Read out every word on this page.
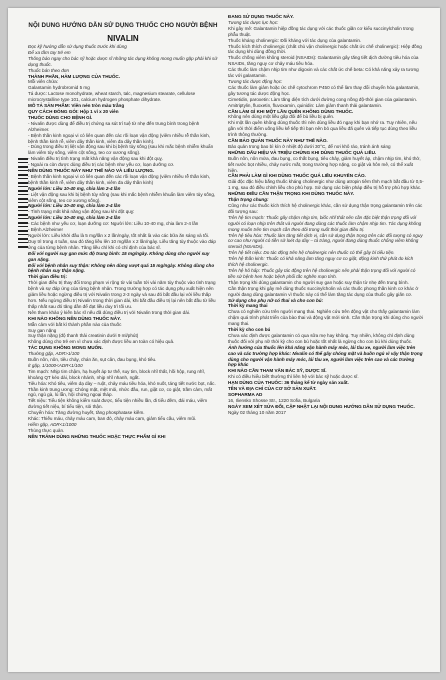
NỘI DUNG HƯỚNG DẪN SỬ DỤNG THUỐC CHO NGƯỜI BỆNH
NIVALIN

Đọc kỹ hướng dẫn sử dụng thuốc trước khi dùng

Để xa tầm tay trẻ em

Thông báo ngay cho bác sỹ hoặc dược sĩ những tác dụng không mong muốn gặp phải khi sử dụng thuốc.

Thuốc bán theo đơn

THÀNH PHẦN, HÀM LƯỢNG CỦA THUỐC.

Mỗi viên chứa:

Galantamin hydrobromid 5 mg

Tá dược: Lactose monohydrate, wheat starch, talc, magnesium stearate, cellulose microcrystalline type 101, calcium hydrogen phosphate dihydrate.

MÔ TẢ SẢN PHẨM: Viên nén tròn màu trắng

QUY CÁCH ĐÓNG GÓI: Hộp 1 vỉ x 20 viên

THUỐC DÙNG CHO BỆNH GÌ.

- Nivalin được dùng để điều trị chứng sa sút trí tuệ từ nhẹ đến trung bình trong bệnh Alzheimer.

- Bệnh thần kinh ngoại vi có liên quan đến các rối loạn vận động (viêm nhiều rễ thần kinh, bệnh thần kinh rễ, viêm dây thần kinh, viêm đa dây thần kinh).

- Dùng trong điều trị liệt vận động sau khi bị bệnh tủy sống (sau khi mắc bệnh nhiễm khuẩn làm viêm tủy sống, viêm cột sống, teo cơ xương sống).

- Nivalin điều trị tình trạng mất khả năng vận động sau khi đột quỵ.

- Ngoài ra còn được dùng điều trị các bệnh như yếu cơ, loạn dưỡng cơ.

NÊN DÙNG THUỐC NÀY NHƯ THẾ NÀO VÀ LIỀU LƯỢNG.

- Bệnh thần kinh ngoại vi có liên quan đến các rối loạn vận động (viêm nhiều rễ thần kinh, bệnh thần kinh rễ, viêm dây thần kinh, viêm đa dây thần kinh)

Người lớn: Liều 10-40 mg, chia làm 2-4 lần

- Liệt vận động sau khi bị bệnh tủy sống (sau khi mắc bệnh nhiễm khuẩn làm viêm tủy sống, viêm cột sống, teo cơ xương sống).

Người lớn: Liều 10-40 mg, chia làm 2-4 lần

- Tình trạng mất khả năng vận động sau khi đột quỵ:

Người lớn: Liều 10-40 mg, chia làm 2-4 lần

- Các bệnh như yếu cơ, loạn dưỡng cơ: Người lớn: Liều 10-40 mg, chia làm 2-4 lần

- Bệnh Alzheimer

Người lớn: Liều khởi đầu là 5 mg/lần x 2 lần/ngày, tốt nhất là vào các bữa ăn sáng và tối. Duy trì trong 4 tuần, sau đó tăng liều lên 10 mg/lần x 2 lần/ngày. Liều tăng tùy thuộc vào đáp ứng của từng bệnh nhân. Tăng liều chỉ khi có chỉ định của bác sĩ.

Đối với người suy gan mức độ trung bình: 15 mg/ngày. Không dùng cho người suy gan nặng.

Đối với bệnh nhân suy thận: Không nên dùng vượt quá 15 mg/ngày. Không dùng cho bệnh nhân suy thận nặng.

Thời gian điều trị:

Thời gian điều trị thay đổi trong phạm vi rộng từ vài tuần tới vài năm tùy thuộc vào tình trạng bệnh và sự đáp ứng của từng bệnh nhân. Trong trường hợp có tác dụng phụ xuất hiện nên giảm liều hoặc ngừng điều trị với Nivalin trong 2-3 ngày và sau đó bắt đầu lại với liều thấp hơn. Nếu ngừng điều trị Nivalin trong thời gian dài, khi bắt đầu điều trị lại nên bắt đầu từ liều thấp nhất sau đó tăng dần để đạt liều duy trì tối ưu.

Nên tham khảo ý kiến bác sĩ nếu đã dùng điều trị với Nivalin trong thời gian dài.

KHI NÀO KHÔNG NÊN DÙNG THUỐC NÀY.

Mẫn cảm với bất kì thành phần nào của thuốc

Suy gan nặng

Suy thận nặng (độ thanh thải creatinin dưới 9 ml/phút)

Không dùng cho trẻ em vì chưa xác định được liều an toàn có hiệu quả.

TÁC DỤNG KHÔNG MONG MUỐN.

Thường gặp, ADR>1/100

Buồn nôn, nôn, tiêu chảy, chán ăn, sụt cân, đau bụng, khó tiêu.

Ít gặp, 1/1000<ADR<1/100

Tim mạch: Nhịp tim chậm, hạ huyết áp tư thế, suy tim, block nhĩ thất, hồi hộp, rung nhĩ, khoảng QT kéo dài, block nhánh, nhịp nhĩ nhanh, ngất.

Tiêu hóa: Khó tiêu, viêm dạ dày – ruột, chảy máu tiêu hóa, khó nuốt, táng tiết nước bọt, nấc.

Thần kinh trung ương: Chóng mặt, mệt mỏi, nhức đầu, run, giật cơ, co giật, trầm cảm, mất ngủ, ngủ gà, lú lẫn, hội chứng ngoại tháp.

Tiết niệu: Tiểu tiện không kiểm soát được, tiểu tiện nhiều lần, đi tiểu đêm, đái máu, viêm đường tiết niệu, bí tiểu tiện, sỏi thận.

Chuyển hóa: Tăng đường huyết, tăng phosphatase kiềm.

Khác: Thiếu máu, chảy máu cam, ban đỏ, chảy máu cam, giảm tiểu cầu, viêm mũi.

Hiếm gặp, ADR<1/1000

Thủng thực quản.

NÊN TRÁNH DÙNG NHỮNG THUỐC HOẶC THỰC PHẨM GÌ KHI

ĐANG SỬ DỤNG THUỐC NÀY.

Tương tác dược lực học:

Khi gây mê: Galantamin hiệp đồng tác dụng với các thuốc giãn cơ kiểu succinylcholin trong phẫu thuật.

Thuốc kháng cholinergic: Đối kháng với tác dụng của galantamin.

Thuốc kích thích cholinergic (chất chủ vận cholinergic hoặc chất ức chế cholinergic): Hiệp đồng tác dụng khi dùng đồng thời.

Thuốc chống viêm không steroid (NSAIDs): Galantamin gây tăng tiết dịch đường tiêu hóa của NSAIDs, tăng nguy cơ chảy máu tiêu hóa.

Các thuốc làm chậm nhịp tim như digoxin và các chất ức chế beta: Có khả năng xảy ra tương tác với galantamin.

Tương tác dược động học:

Các thuốc làm giảm hoặc ức chế cytochrom P450 có thể làm thay đổi chuyển hóa galantamin, gây tương tác dược động học.

Cimetidin, paroxetin: Làm tăng diện tích dưới đường cong nồng độ-thời gian của galantamin.

Amitriptylin, fluoxetin, fluvoxamin, quinidin: Làm giảm thanh thải galantamin.

CẦN LÀM GÌ KHI MỘT LẦN QUÊN KHÔNG DÙNG THUỐC.

Không nên dùng một liều gấp đôi để bù liều bị quên.

Khi một lần quên không dùng thuốc thì nên dùng liều đó ngay khi bạn nhớ ra. Tuy nhiên, nếu gần với thời điểm uống liều kế tiếp thì bạn nên bỏ qua liều đã quên và tiếp tục dùng theo liều trình thông thường.

CẦN BẢO QUẢN THUỐC NÀY NHƯ THẾ NÀO.

Bảo quản trong bao bì kín ở nhiệt độ dưới 30°C, để nơi khô ráo, tránh ánh sáng

NHỮNG DẤU HIỆU VÀ TRIỆU CHỨNG KHI DÙNG THUỐC QUÁ LIỀU.

Buồn nôn, nôn mửa, đau bụng, co thắt bụng, tiêu chảy, giảm huyết áp, chậm nhịp tim, khó thở, tiết nước bọt nhiều, chảy nước mắt, trong trường hợp nặng, co giật và hôn mê, có thể xuất hiện.

CẦN PHẢI LÀM GÌ KHI DÙNG THUỐC QUÁ LIỀU KHUYẾN CÁO.

Giải độc đặc hiệu bằng thuốc kháng cholinergic như dùng atropin tiêm tĩnh mạch bắt đầu từ 0,5-1 mg, sau đó điều chỉnh liều cho phù hợp. Sử dụng các biện pháp điều trị hỗ trợ phù hợp khác.

NHỮNG ĐIỀU CẦN THẬN TRỌNG KHI DÙNG THUỐC NÀY.

Thận trọng chung:

Cũng như các thuốc kích thích hệ cholinergic khác, cần sử dụng thận trọng galantamin trên các đối tượng sau:

Trên hệ tim mạch: Thuốc gây chậm nhịp tim, biốc nhĩ thất nên cần đặc biệt thận trọng đối với người có loạn nhịp trên thất và người đang dùng các thuốc làm chậm nhịp tim. Tác dụng không mong muốn trên tim mạch cần theo dõi trong suốt thời gian điều trị.

Trên hệ tiêu hóa: Thuốc làm tăng tiết dịch vị, cần sử dụng thận trọng trên các đối tượng có nguy cơ cao như người có tiền sử loét dạ dày – tá tràng, người đang dùng thuốc chống viêm không steroid (NSAIDs).

Trên hệ tiết niệu: Do tác động trên hệ cholinergic nên thuốc có thể gây bí tiểu tiện.

Trên hệ thần kinh: Thuốc có khả năng làm tăng nguy cơ co giật, động kinh thứ phát do kích thích hệ cholinergic.

Trên hệ hô hấp: Thuốc gây tác động trên hệ cholinergic nên phải thận trọng đối với người có tiền sử bệnh hen hoặc bệnh phổi tắc nghẽn mạn tính.

Thận trọng khi dùng galantamin cho người suy gan hoặc suy thận từ nhẹ đến trung bình.

Cần thận trọng khi gây mê dùng thuốc succinylcholin và các thuốc phong thần kinh cơ khác ở người đang dùng galantamin vì thuốc này có thể làm tăng tác dụng của thuốc gây giãn cơ.

Sử dụng cho phụ nữ có thai và cho con bú:

Thời kỳ mang thai

Chưa có nghiên cứu trên người mang thai. Nghiên cứu trên động vật cho thấy galantamin làm chậm quá trình phát triển của bào thai và động vật mới sinh. Cần thận trọng khi dùng cho người mang thai.

Thời kỳ cho con bú

Chưa xác định được galantamin có qua sữa mẹ hay không. Tuy nhiên, không chỉ định dùng thuốc đối với phụ nữ thời kỳ cho con bú hoặc tốt nhất là ngừng cho con bú khi dùng thuốc.

Ảnh hưởng của thuốc lên khả năng vận hành máy móc, lái tàu xe, người làm việc trên cao và các trường hợp khác: Nivalin có thể gây chóng mặt và buồn ngủ vì vậy thận trọng dùng cho người vận hành máy móc, lái tàu xe, người làm việc trên cao và các trường hợp khác

KHI NÀO CẦN THAM VẤN BÁC SỸ, DƯỢC SĨ.

Khi có điều hiểu biết thường thì liên hệ với bác sỹ hoặc dược sĩ.

HẠN DÙNG CỦA THUỐC: 36 tháng kể từ ngày sản xuất.

TÊN VÀ ĐỊA CHỈ CỦA CƠ SỞ SẢN XUẤT.

SOPHARMA AD

16, Iliensko Shosse Str., 1220 Sofia, Bulgaria

NGÀY XEM XÉT SỬA ĐỔI, CẬP NHẬT LẠI NỘI DUNG HƯỚNG DẪN SỬ DỤNG THUỐC.

Ngày 02 tháng 10 năm 2017
